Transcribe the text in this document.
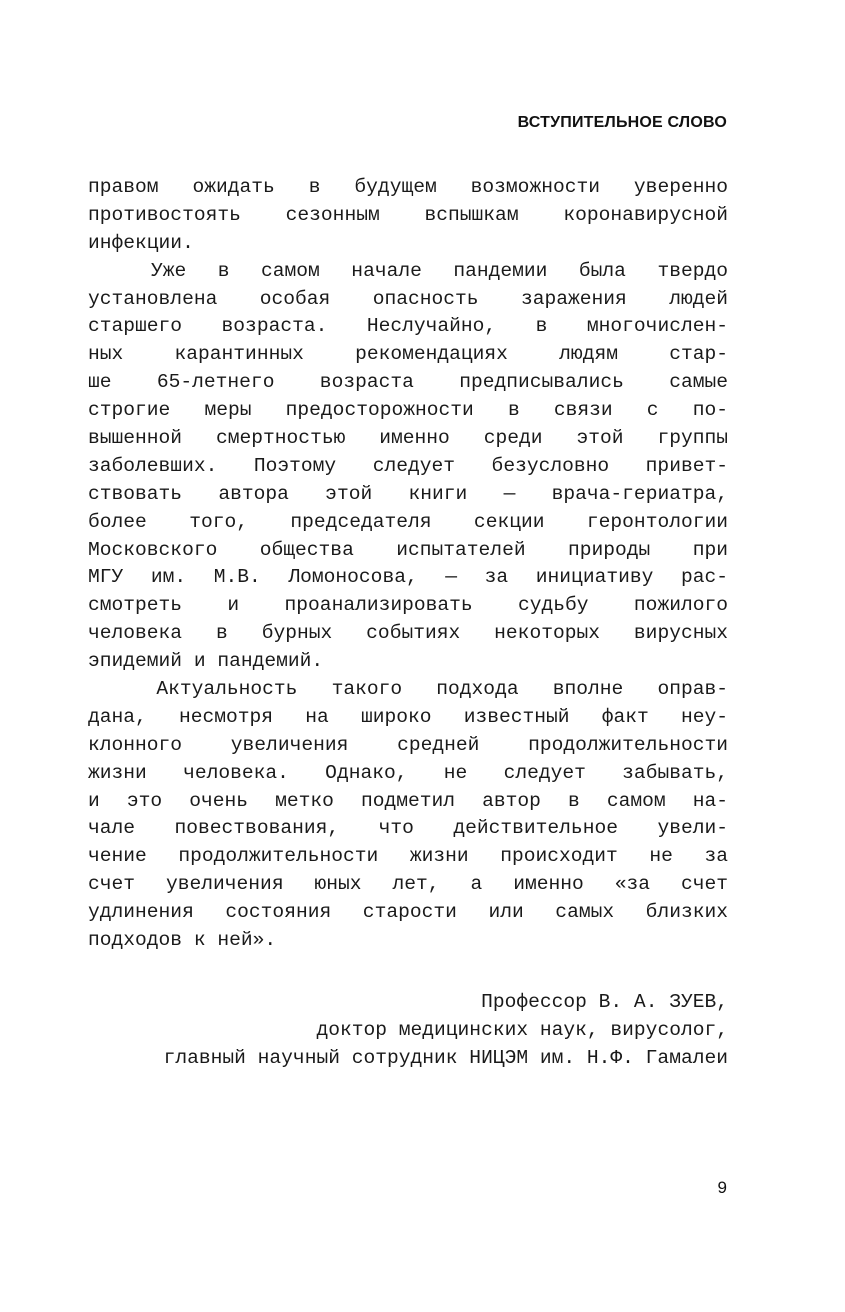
ВСТУПИТЕЛЬНОЕ СЛОВО
правом ожидать в будущем возможности уверенно
противостоять сезонным вспышкам коронавирусной
инфекции.
Уже в самом начале пандемии была твердо
установлена особая опасность заражения людей
старшего возраста. Неслучайно, в многочислен-
ных карантинных рекомендациях людям стар-
ше 65-летнего возраста предписывались самые
строгие меры предосторожности в связи с по-
вышенной смертностью именно среди этой группы
заболевших. Поэтому следует безусловно привет-
ствовать автора этой книги — врача-гериатра,
более того, председателя секции геронтологии
Московского общества испытателей природы при
МГУ им. М.В. Ломоносова, — за инициативу рас-
смотреть и проанализировать судьбу пожилого
человека в бурных событиях некоторых вирусных
эпидемий и пандемий.
Актуальность такого подхода вполне оправ-
дана, несмотря на широко известный факт неу-
клонного увеличения средней продолжительности
жизни человека. Однако, не следует забывать,
и это очень метко подметил автор в самом на-
чале повествования, что действительное увели-
чение продолжительности жизни происходит не за
счет увеличения юных лет, а именно «за счет
удлинения состояния старости или самых близких
подходов к ней».
Профессор В. А. ЗУЕВ,
доктор медицинских наук, вирусолог,
главный научный сотрудник НИЦЭМ им. Н.Ф. Гамалеи
9
